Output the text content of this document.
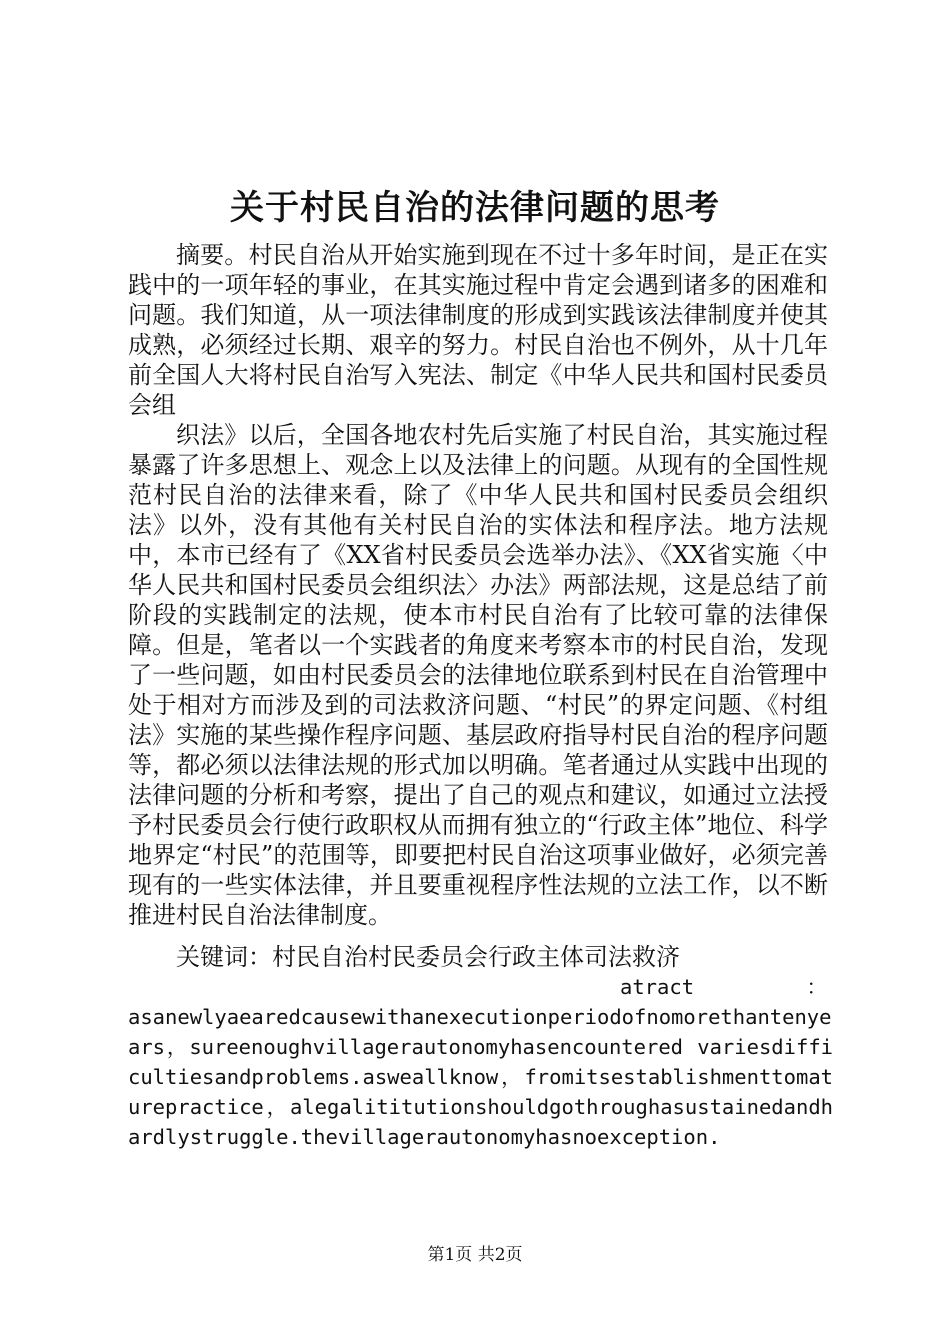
关于村民自治的法律问题的思考

摘要。村民自治从开始实施到现在不过十多年时间，是正在实践中的一项年轻的事业，在其实施过程中肯定会遇到诸多的困难和问题。我们知道，从一项法律制度的形成到实践该法律制度并使其成熟，必须经过长期、艰辛的努力。村民自治也不例外，从十几年前全国人大将村民自治写入宪法、制定《中华人民共和国村民委员会组

织法》以后，全国各地农村先后实施了村民自治，其实施过程暴露了许多思想上、观念上以及法律上的问题。从现有的全国性规范村民自治的法律来看，除了《中华人民共和国村民委员会组织法》以外，没有其他有关村民自治的实体法和程序法。地方法规中，本市已经有了《XX省村民委员会选举办法》、《XX省实施〈中华人民共和国村民委员会组织法〉办法》两部法规，这是总结了前阶段的实践制定的法规，使本市村民自治有了比较可靠的法律保障。但是，笔者以一个实践者的角度来考察本市的村民自治，发现了一些问题，如由村民委员会的法律地位联系到村民在自治管理中处于相对方而涉及到的司法救济问题、“村民”的界定问题、《村组法》实施的某些操作程序问题、基层政府指导村民自治的程序问题等，都必须以法律法规的形式加以明确。笔者通过从实践中出现的法律问题的分析和考察，提出了自己的观点和建议，如通过立法授予村民委员会行使行政职权从而拥有独立的“行政主体”地位、科学地界定“村民”的范围等，即要把村民自治这项事业做好，必须完善现有的一些实体法律，并且要重视程序性法规的立法工作，以不断推进村民自治法律制度。

关键词：村民自治村民委员会行政主体司法救济

atract	：
asanewlyaearedcausewithanexecutionperiodofnomorethantenyears，sureenoughvillagerautonomyhasencountered variesdifficultiesandproblems.asweallknow，fromitsestablishmenttomaturepractice，alegalititutionshouldgothroughasustainedandhardlystruggle.thevillagerautonomyhasnoexception.
第1页 共2页
